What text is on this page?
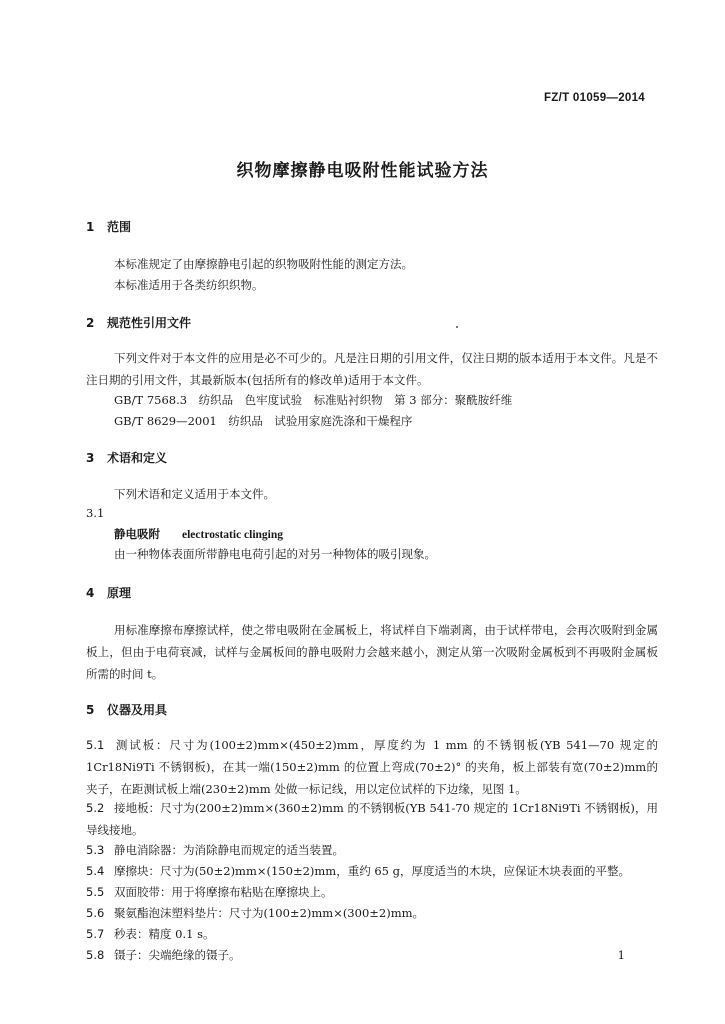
FZ/T 01059—2014
织物摩擦静电吸附性能试验方法
1 范围
本标准规定了由摩擦静电引起的织物吸附性能的测定方法。
本标准适用于各类纺织织物。
2 规范性引用文件
下列文件对于本文件的应用是必不可少的。凡是注日期的引用文件，仅注日期的版本适用于本文件。凡是不注日期的引用文件，其最新版本(包括所有的修改单)适用于本文件。
GB/T 7568.3　纺织品　色牢度试验　标准贴衬织物　第 3 部分：聚酰胺纤维
GB/T 8629—2001　纺织品　试验用家庭洗涤和干燥程序
3 术语和定义
下列术语和定义适用于本文件。
3.1
静电吸附 electrostatic clinging
由一种物体表面所带静电电荷引起的对另一种物体的吸引现象。
4 原理
用标准摩擦布摩擦试样，使之带电吸附在金属板上，将试样自下端剥离，由于试样带电，会再次吸附到金属板上，但由于电荷衰减，试样与金属板间的静电吸附力会越来越小，测定从第一次吸附金属板到不再吸附金属板所需的时间 t。
5 仪器及用具
5.1 测试板：尺寸为(100±2)mm×(450±2)mm，厚度约为 1 mm 的不锈钢板(YB 541—70 规定的 1Cr18Ni9Ti 不锈钢板)，在其一端(150±2)mm 的位置上弯成(70±2)° 的夹角，板上部装有宽(70±2)mm的夹子，在距测试板上端(230±2)mm 处做一标记线，用以定位试样的下边缘，见图 1。
5.2 接地板：尺寸为(200±2)mm×(360±2)mm 的不锈钢板(YB 541-70 规定的 1Cr18Ni9Ti 不锈钢板)，用导线接地。
5.3 静电消除器：为消除静电而规定的适当装置。
5.4 摩擦块：尺寸为(50±2)mm×(150±2)mm，重约 65 g，厚度适当的木块，应保证木块表面的平整。
5.5 双面胶带：用于将摩擦布粘贴在摩擦块上。
5.6 聚氨酯泡沫塑料垫片：尺寸为(100±2)mm×(300±2)mm。
5.7 秒表：精度 0.1 s。
5.8 镊子：尖端绝缘的镊子。	1
